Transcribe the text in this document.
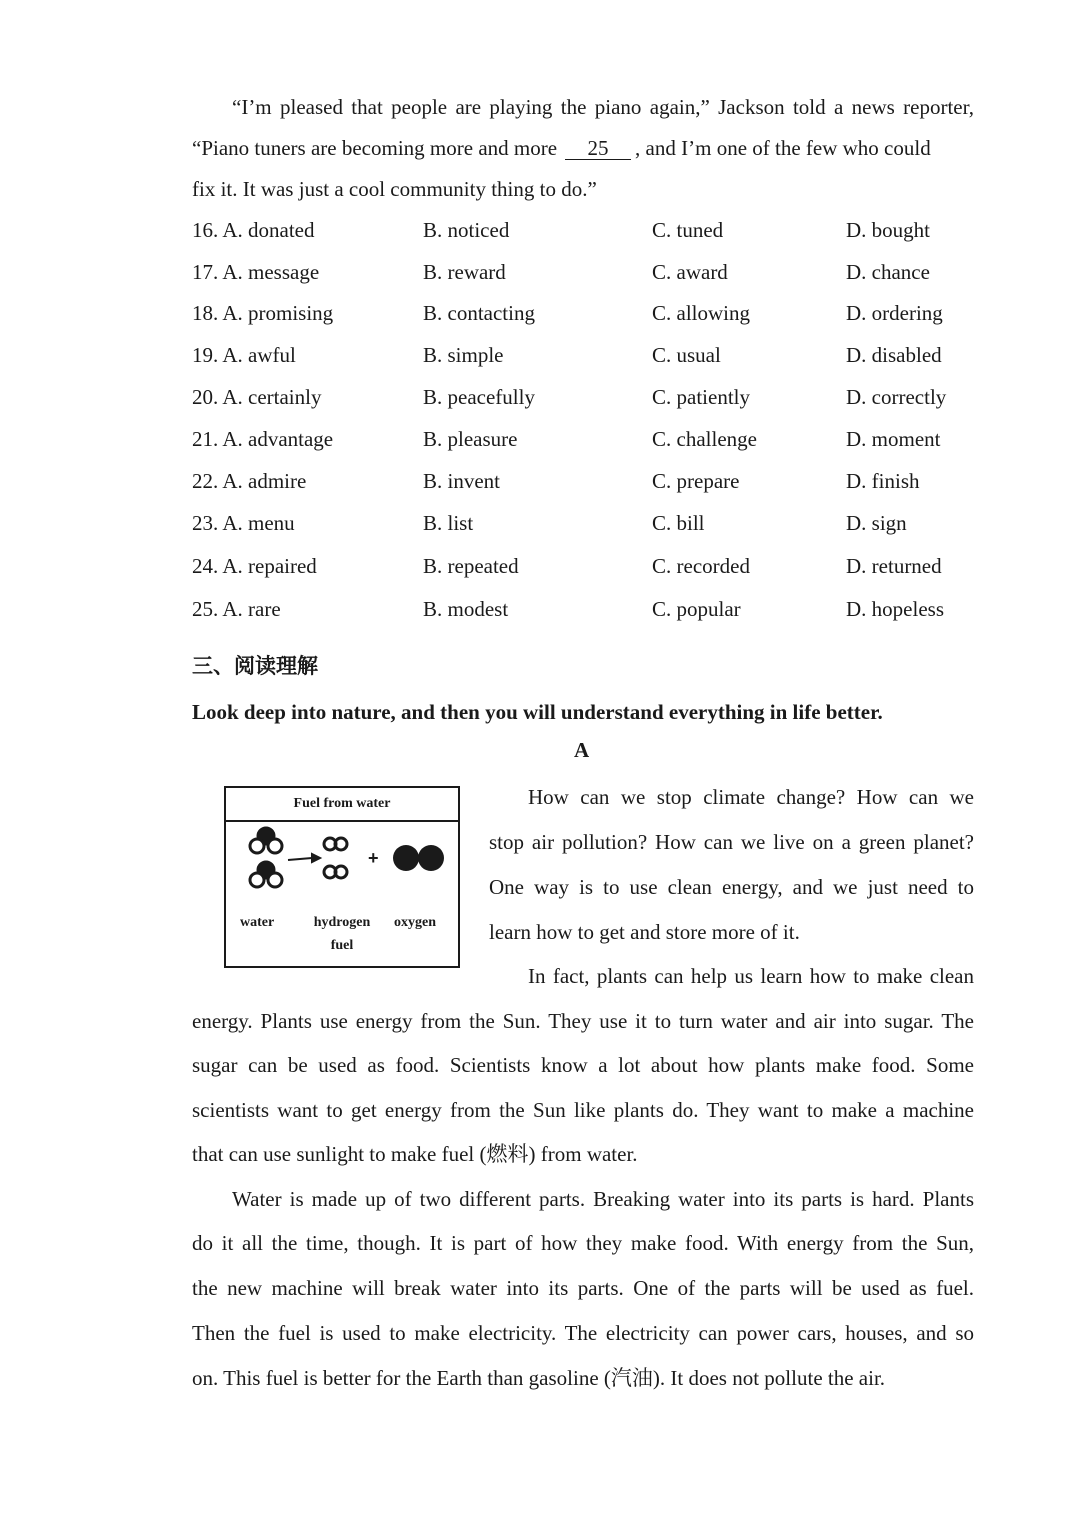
“I’m pleased that people are playing the piano again,” Jackson told a news reporter,
“Piano tuners are becoming more and more 25 , and I’m one of the few who could
fix it. It was just a cool community thing to do.”
16. A. donated	B. noticed	C. tuned	D. bought
17. A. message	B. reward	C. award	D. chance
18. A. promising	B. contacting	C. allowing	D. ordering
19. A. awful	B. simple	C. usual	D. disabled
20. A. certainly	B. peacefully	C. patiently	D. correctly
21. A. advantage	B. pleasure	C. challenge	D. moment
22. A. admire	B. invent	C. prepare	D. finish
23. A. menu	B. list	C. bill	D. sign
24. A. repaired	B. repeated	C. recorded	D. returned
25. A. rare	B. modest	C. popular	D. hopeless
三、阅读理解
Look deep into nature, and then you will understand everything in life better.
A
Fuel from water
+
water	hydrogen
fuel
oxygen
How can we stop climate change? How can we
stop air pollution? How can we live on a green planet?
One way is to use clean energy, and we just need to
learn how to get and store more of it.
In fact, plants can help us learn how to make clean
energy. Plants use energy from the Sun. They use it to turn water and air into sugar. The
sugar can be used as food. Scientists know a lot about how plants make food. Some
scientists want to get energy from the Sun like plants do. They want to make a machine
that can use sunlight to make fuel (燃料) from water.
Water is made up of two different parts. Breaking water into its parts is hard. Plants
do it all the time, though. It is part of how they make food. With energy from the Sun,
the new machine will break water into its parts. One of the parts will be used as fuel.
Then the fuel is used to make electricity. The electricity can power cars, houses, and so
on. This fuel is better for the Earth than gasoline (汽油). It does not pollute the air.
